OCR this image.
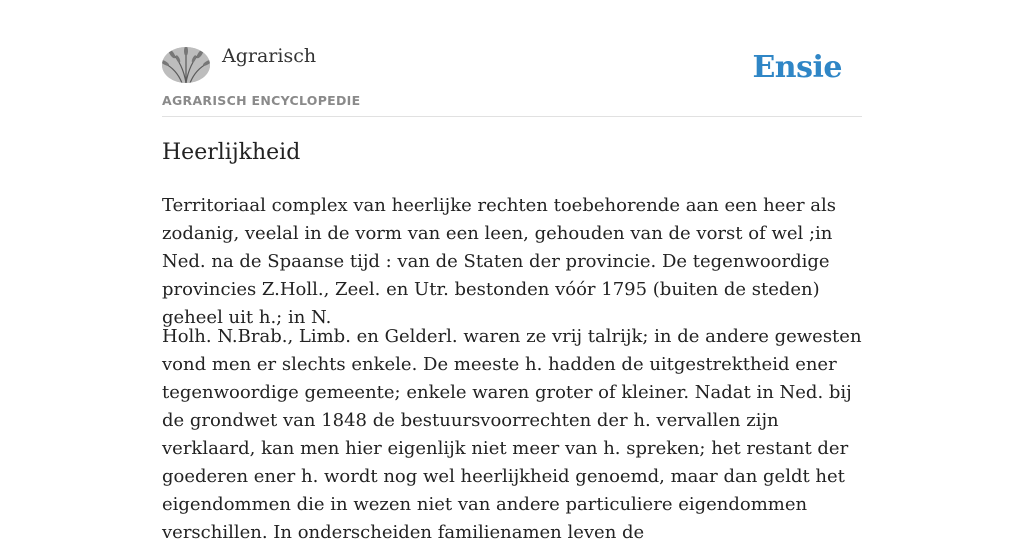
Agrarisch
AGRARISCH ENCYCLOPEDIE
Ensie
Heerlijkheid

Territoriaal complex van heerlijke rechten toebehorende aan een heer als zodanig, veelal in de vorm van een leen, gehouden van de vorst of wel ;in Ned. na de Spaanse tijd : van de Staten der provincie. De tegenwoordige provincies Z.Holl., Zeel. en Utr. bestonden vóór 1795 (buiten de steden) geheel uit h.; in N.

Holh. N.Brab., Limb. en Gelderl. waren ze vrij talrijk; in de andere gewesten vond men er slechts enkele. De meeste h. hadden de uitgestrektheid ener tegenwoordige gemeente; enkele waren groter of kleiner. Nadat in Ned. bij de grondwet van 1848 de bestuursvoorrechten der h. vervallen zijn verklaard, kan men hier eigenlijk niet meer van h. spreken; het restant der goederen ener h. wordt nog wel heerlijkheid genoemd, maar dan geldt het eigendommen die in wezen niet van andere particuliere eigendommen verschillen. In onderscheiden familienamen leven de
